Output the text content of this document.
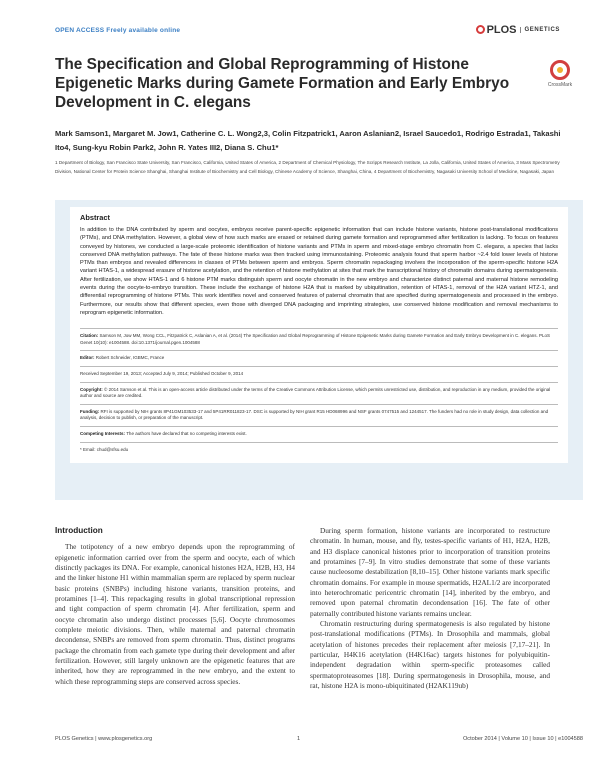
OPEN ACCESS Freely available online	PLOS GENETICS
The Specification and Global Reprogramming of Histone Epigenetic Marks during Gamete Formation and Early Embryo Development in C. elegans
CrossMark

Mark Samson1, Margaret M. Jow1, Catherine C. L. Wong2,3, Colin Fitzpatrick1, Aaron Aslanian2, Israel Saucedo1, Rodrigo Estrada1, Takashi Ito4, Sung-kyu Robin Park2, John R. Yates III2, Diana S. Chu1*

1 Department of Biology, San Francisco State University, San Francisco, California, United States of America, 2 Department of Chemical Physiology, The Scripps Research Institute, La Jolla, California, United States of America, 3 Mass Spectrometry Division, National Center for Protein Science Shanghai, Shanghai Institute of Biochemistry and Cell Biology, Chinese Academy of Science, Shanghai, China, 4 Department of Biochemistry, Nagasaki University School of Medicine, Nagasaki, Japan

Abstract

In addition to the DNA contributed by sperm and oocytes, embryos receive parent-specific epigenetic information that can include histone variants, histone post-translational modifications (PTMs), and DNA methylation. However, a global view of how such marks are erased or retained during gamete formation and reprogrammed after fertilization is lacking. To focus on features conveyed by histones, we conducted a large-scale proteomic identification of histone variants and PTMs in sperm and mixed-stage embryo chromatin from C. elegans, a species that lacks conserved DNA methylation pathways. The fate of these histone marks was then tracked using immunostaining. Proteomic analysis found that sperm harbor ~2.4 fold lower levels of histone PTMs than embryos and revealed differences in classes of PTMs between sperm and embryos. Sperm chromatin repackaging involves the incorporation of the sperm-specific histone H2A variant HTAS-1, a widespread erasure of histone acetylation, and the retention of histone methylation at sites that mark the transcriptional history of chromatin domains during spermatogenesis. After fertilization, we show HTAS-1 and 6 histone PTM marks distinguish sperm and oocyte chromatin in the new embryo and characterize distinct paternal and maternal histone remodeling events during the oocyte-to-embryo transition. These include the exchange of histone H2A that is marked by ubiquitination, retention of HTAS-1, removal of the H2A variant HTZ-1, and differential reprogramming of histone PTMs. This work identifies novel and conserved features of paternal chromatin that are specified during spermatogenesis and processed in the embryo. Furthermore, our results show that different species, even those with diverged DNA packaging and imprinting strategies, use conserved histone modification and removal mechanisms to reprogram epigenetic information.

Citation: Samson M, Jow MM, Wong CCL, Fitzpatrick C, Aslanian A, et al. (2014) The Specification and Global Reprogramming of Histone Epigenetic Marks during Gamete Formation and Early Embryo Development in C. elegans. PLoS Genet 10(10): e1004588. doi:10.1371/journal.pgen.1004588

Editor: Robert Schneider, IGBMC, France

Received September 19, 2013; Accepted July 9, 2014; Published October 9, 2014

Copyright: © 2014 Samson et al. This is an open-access article distributed under the terms of the Creative Commons Attribution License, which permits unrestricted use, distribution, and reproduction in any medium, provided the original author and source are credited.

Funding: RFI is supported by NIH grants 8P41GM103533-17 and 5P41RR011823-17. DSC is supported by NIH grant R15 HD068996 and NSF grants 0747515 and 1244517. The funders had no role in study design, data collection and analysis, decision to publish, or preparation of the manuscript.

Competing Interests: The authors have declared that no competing interests exist.

* Email: chud@sfsu.edu

Introduction

The totipotency of a new embryo depends upon the reprogramming of epigenetic information carried over from the sperm and oocyte, each of which distinctly packages its DNA. For example, canonical histones H2A, H2B, H3, H4 and the linker histone H1 within mammalian sperm are replaced by sperm nuclear basic proteins (SNBPs) including histone variants, transition proteins, and protamines [1–4]. This repackaging results in global transcriptional repression and tight compaction of sperm chromatin [4]. After fertilization, sperm and oocyte chromatin also undergo distinct processes [5,6]. Oocyte chromosomes complete meiotic divisions. Then, while maternal and paternal chromatin decondense, SNBPs are removed from sperm chromatin. Thus, distinct programs package the chromatin from each gamete type during their development and after fertilization. However, still largely unknown are the epigenetic features that are inherited, how they are reprogrammed in the new embryo, and the extent to which these reprogramming steps are conserved across species.

During sperm formation, histone variants are incorporated to restructure chromatin. In human, mouse, and fly, testes-specific variants of H1, H2A, H2B, and H3 displace canonical histones prior to incorporation of transition proteins and protamines [7–9]. In vitro studies demonstrate that some of these variants cause nucleosome destabilization [8,10–15]. Other histone variants mark specific chromatin domains. For example in mouse spermatids, H2AL1/2 are incorporated into heterochromatic pericentric chromatin [14], inherited by the embryo, and removed upon paternal chromatin decondensation [16]. The fate of other paternally contributed histone variants remains unclear.

Chromatin restructuring during spermatogenesis is also regulated by histone post-translational modifications (PTMs). In Drosophila and mammals, global acetylation of histones precedes their replacement after meiosis [7,17–21]. In particular, H4K16 acetylation (H4K16ac) targets histones for polyubiquitin-independent degradation within sperm-specific proteasomes called spermatoproteasomes [18]. During spermatogenesis in Drosophila, mouse, and rat, histone H2A is mono-ubiquitinated (H2AK119ub)

PLOS Genetics | www.plosgenetics.org	1	October 2014 | Volume 10 | Issue 10 | e1004588
